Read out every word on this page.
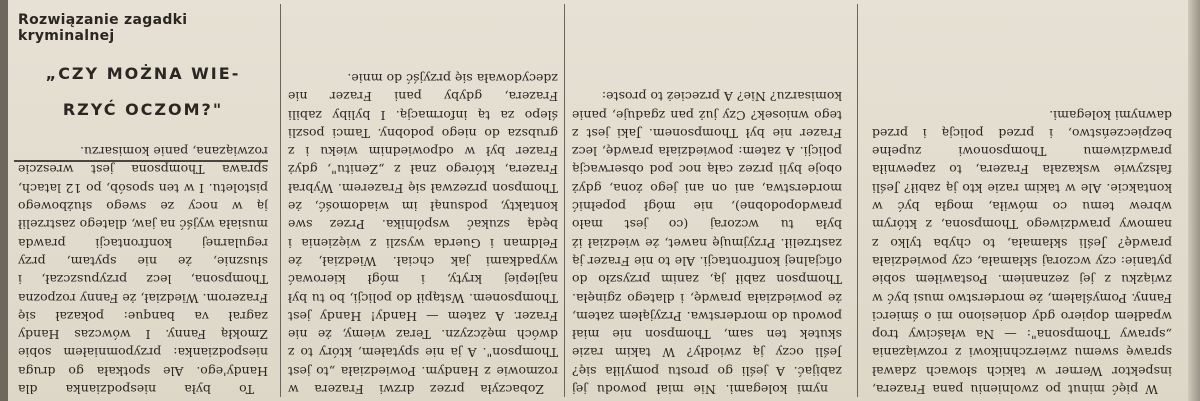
Rozwiązanie zagadki kryminalnej
„CZY MOŻNA WIE-
RZYĆ OCZOM?"

To była niespodzianka dla Handy'ego. Ale spotkała go druga niespodzianka: przypomniałem sobie Zmokłą Fanny. I wówczas Handy zagrał va banque: pokazał się Frazerom. Wiedział, że Fanny rozpozna Thompsona, lecz przypuszczał, i słusznie, że nie spytam, przy regularnej konfrontacji prawda musiała wyjść na jaw, dlatego zastrzelił ją w nocy ze swego służbowego pistoletu. I w ten sposób, po 12 latach, sprawa Thompsona jest wreszcie rozwiązana, panie komisarzu.

Zobaczyła przez drzwi Frazera w rozmowie z Handym. Powiedziała „to jest Thompson". A ja nie spytałem, który to z dwóch mężczyzn. Teraz wiemy, że nie Frazer. A zatem — Handy! Handy jest Thompsonem. Wstąpił do policji, bo tu był najlepiej kryty, i mógł kierować wypadkami jak chciał. Wiedział, że Feldman i Guerda wyszli z więzienia i będą szukać wspólnika. Przez swe kontakty, podsunął im wiadomość, że Thompson przezwał się Frazerem. Wybrał Frazera, którego znał z „Zenitu", gdyż Frazer był w odpowiednim wieku i z grubsza do niego podobny. Tamci poszli ślepo za tą informacją. I byliby zabili Frazera, gdyby pani Frazer nie zdecydowała się przyjść do mnie.

nymi kolegami. Nie miał powodu jej zabijać. A jeśli go prostu pomyliła się? Jeśli oczy ją zwiodły? W takim razie skutek ten sam, Thompson nie miał powodu do morderstwa. Przyjąłem zatem, że powiedziała prawdę, i dlatego zginęła. Thompson zabił ją, zanim przyszło do oficjalnej konfrontacji. Ale to nie Frazer ją zastrzelił. Przyjmuję nawet, że wiedział iż była tu wczoraj (co jest mało prawdopodobne), nie mógł popełnić morderstwa, ani on ani jego żona, gdyż oboje byli przez całą noc pod obserwacją policji. A zatem: powiedziała prawdę, lecz Frazer nie był Thompsonem. Jaki jest z tego wniosek? Czy już pan zgaduje, panie komisarzu? Nie? A przecież to proste:

W pięć minut po zwolnieniu pana Frazera, inspektor Werner w takich słowach zdawał sprawę swemu zwierzchnikowi z rozwiązania „sprawy Thompsona": — Na właściwy trop wpadłem dopiero gdy doniesiono mi o śmierci Fanny. Pomyślałem, że morderstwo musi być w związku z jej zeznaniem. Postawiłem sobie pytanie: czy wczoraj skłamała, czy powiedziała prawdę? Jeśli skłamała, to chyba tylko z namowy prawdziwego Thompsona, z którym wbrew temu co mówiła, mogła być w kontakcie. Ale w takim razie kto ją zabił? Jeśli fałszywie wskazała Frazera, to zapewniła prawdziwemu Thompsonowi zupełne bezpieczeństwo, i przed policją i przed dawnymi kolegami.
